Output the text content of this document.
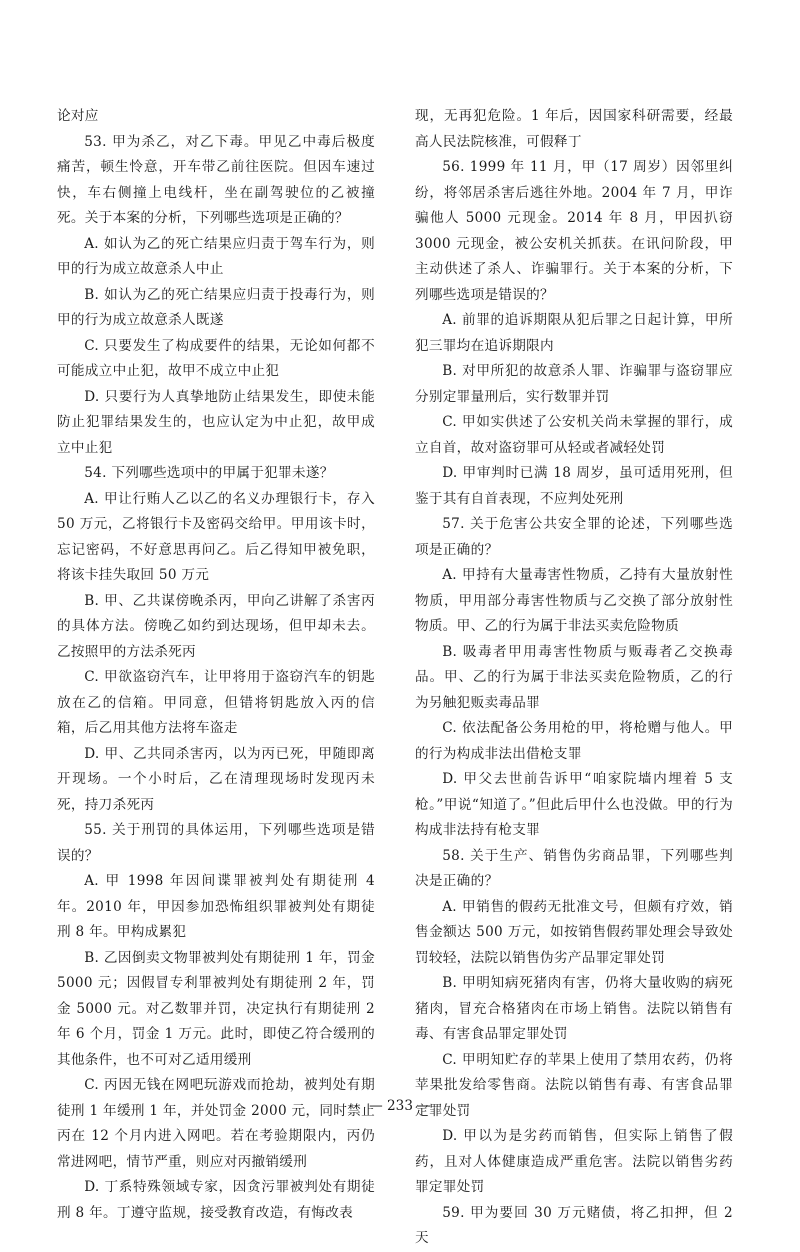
论对应

53. 甲为杀乙，对乙下毒。甲见乙中毒后极度痛苦，顿生怜意，开车带乙前往医院。但因车速过快，车右侧撞上电线杆，坐在副驾驶位的乙被撞死。关于本案的分析，下列哪些选项是正确的？

A. 如认为乙的死亡结果应归责于驾车行为，则甲的行为成立故意杀人中止

B. 如认为乙的死亡结果应归责于投毒行为，则甲的行为成立故意杀人既遂

C. 只要发生了构成要件的结果，无论如何都不可能成立中止犯，故甲不成立中止犯

D. 只要行为人真挚地防止结果发生，即使未能防止犯罪结果发生的，也应认定为中止犯，故甲成立中止犯

54. 下列哪些选项中的甲属于犯罪未遂？

A. 甲让行贿人乙以乙的名义办理银行卡，存入 50 万元，乙将银行卡及密码交给甲。甲用该卡时，忘记密码，不好意思再问乙。后乙得知甲被免职，将该卡挂失取回 50 万元

B. 甲、乙共谋傍晚杀丙，甲向乙讲解了杀害丙的具体方法。傍晚乙如约到达现场，但甲却未去。乙按照甲的方法杀死丙

C. 甲欲盗窃汽车，让甲将用于盗窃汽车的钥匙放在乙的信箱。甲同意，但错将钥匙放入丙的信箱，后乙用其他方法将车盗走

D. 甲、乙共同杀害丙，以为丙已死，甲随即离开现场。一个小时后，乙在清理现场时发现丙未死，持刀杀死丙

55. 关于刑罚的具体运用，下列哪些选项是错误的？

A. 甲 1998 年因间谍罪被判处有期徒刑 4 年。2010 年，甲因参加恐怖组织罪被判处有期徒刑 8 年。甲构成累犯

B. 乙因倒卖文物罪被判处有期徒刑 1 年，罚金 5000 元；因假冒专利罪被判处有期徒刑 2 年，罚金 5000 元。对乙数罪并罚，决定执行有期徒刑 2 年 6 个月，罚金 1 万元。此时，即使乙符合缓刑的其他条件，也不可对乙适用缓刑

C. 丙因无钱在网吧玩游戏而抢劫，被判处有期徒刑 1 年缓刑 1 年，并处罚金 2000 元，同时禁止丙在 12 个月内进入网吧。若在考验期限内，丙仍常进网吧，情节严重，则应对丙撤销缓刑

D. 丁系特殊领域专家，因贪污罪被判处有期徒刑 8 年。丁遵守监规，接受教育改造，有悔改表

现，无再犯危险。1 年后，因国家科研需要，经最高人民法院核准，可假释丁

56. 1999 年 11 月，甲（17 周岁）因邻里纠纷，将邻居杀害后逃往外地。2004 年 7 月，甲诈骗他人 5000 元现金。2014 年 8 月，甲因扒窃 3000 元现金，被公安机关抓获。在讯问阶段，甲主动供述了杀人、诈骗罪行。关于本案的分析，下列哪些选项是错误的？

A. 前罪的追诉期限从犯后罪之日起计算，甲所犯三罪均在追诉期限内

B. 对甲所犯的故意杀人罪、诈骗罪与盗窃罪应分别定罪量刑后，实行数罪并罚

C. 甲如实供述了公安机关尚未掌握的罪行，成立自首，故对盗窃罪可从轻或者减轻处罚

D. 甲审判时已满 18 周岁，虽可适用死刑，但鉴于其有自首表现，不应判处死刑

57. 关于危害公共安全罪的论述，下列哪些选项是正确的？

A. 甲持有大量毒害性物质，乙持有大量放射性物质，甲用部分毒害性物质与乙交换了部分放射性物质。甲、乙的行为属于非法买卖危险物质

B. 吸毒者甲用毒害性物质与贩毒者乙交换毒品。甲、乙的行为属于非法买卖危险物质，乙的行为另触犯贩卖毒品罪

C. 依法配备公务用枪的甲，将枪赠与他人。甲的行为构成非法出借枪支罪

D. 甲父去世前告诉甲“咱家院墙内埋着 5 支枪。”甲说“知道了。”但此后甲什么也没做。甲的行为构成非法持有枪支罪

58. 关于生产、销售伪劣商品罪，下列哪些判决是正确的？

A. 甲销售的假药无批准文号，但颇有疗效，销售金额达 500 万元，如按销售假药罪处理会导致处罚较轻，法院以销售伪劣产品罪定罪处罚

B. 甲明知病死猪肉有害，仍将大量收购的病死猪肉，冒充合格猪肉在市场上销售。法院以销售有毒、有害食品罪定罪处罚

C. 甲明知贮存的苹果上使用了禁用农药，仍将苹果批发给零售商。法院以销售有毒、有害食品罪定罪处罚

D. 甲以为是劣药而销售，但实际上销售了假药，且对人体健康造成严重危害。法院以销售劣药罪定罪处罚

59. 甲为要回 30 万元赌债，将乙扣押，但 2 天

— 233 —
